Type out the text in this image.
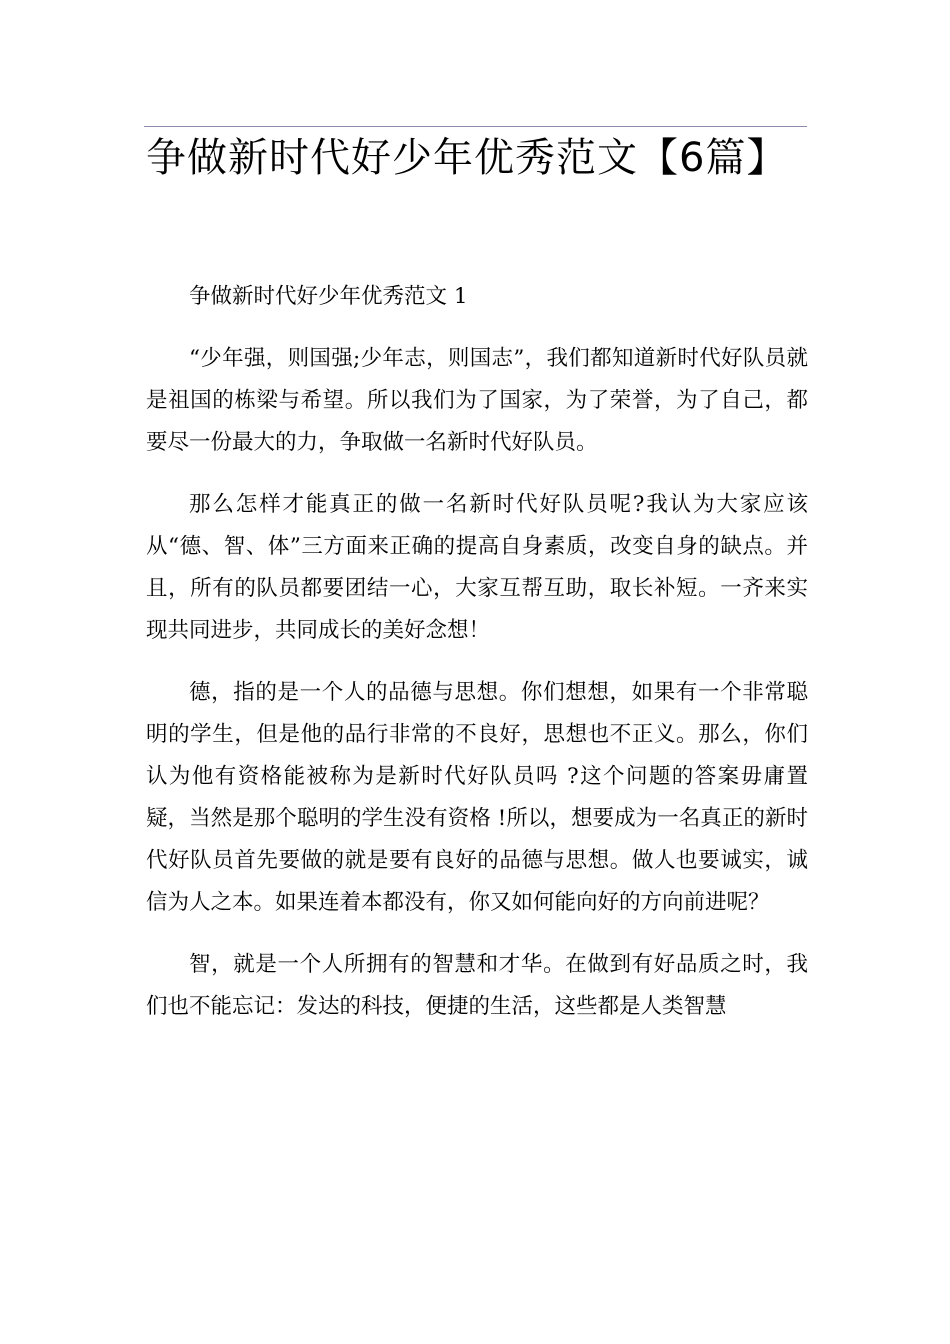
争做新时代好少年优秀范文【6篇】

争做新时代好少年优秀范文 1

“少年强，则国强;少年志，则国志”，我们都知道新时代好队员就是祖国的栋梁与希望。所以我们为了国家，为了荣誉，为了自己，都要尽一份最大的力，争取做一名新时代好队员。

那么怎样才能真正的做一名新时代好队员呢?我认为大家应该从“德、智、体”三方面来正确的提高自身素质，改变自身的缺点。并且，所有的队员都要团结一心，大家互帮互助，取长补短。一齐来实现共同进步，共同成长的美好念想！

德，指的是一个人的品德与思想。你们想想，如果有一个非常聪明的学生，但是他的品行非常的不良好，思想也不正义。那么，你们认为他有资格能被称为是新时代好队员吗 ?这个问题的答案毋庸置疑，当然是那个聪明的学生没有资格 !所以，想要成为一名真正的新时代好队员首先要做的就是要有良好的品德与思想。做人也要诚实，诚信为人之本。如果连着本都没有，你又如何能向好的方向前进呢？

智，就是一个人所拥有的智慧和才华。在做到有好品质之时，我们也不能忘记：发达的科技，便捷的生活，这些都是人类智慧
